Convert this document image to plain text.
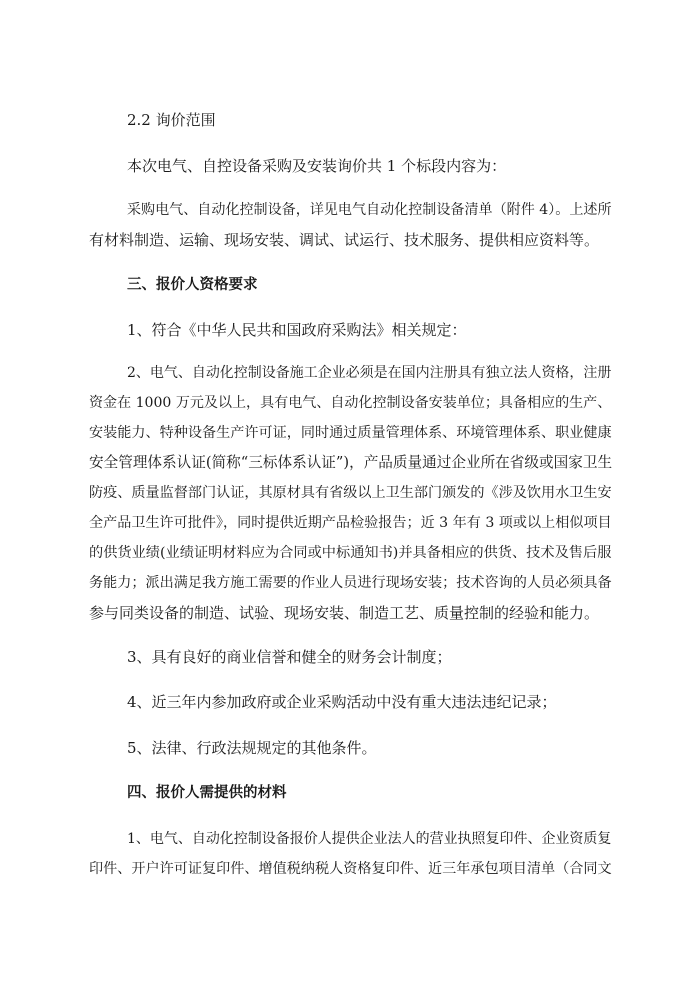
2.2 询价范围
本次电气、自控设备采购及安装询价共 1 个标段内容为：
采购电气、自动化控制设备，详见电气自动化控制设备清单（附件 4）。上述所
有材料制造、运输、现场安装、调试、试运行、技术服务、提供相应资料等。
三、报价人资格要求
1、符合《中华人民共和国政府采购法》相关规定：
2、电气、自动化控制设备施工企业必须是在国内注册具有独立法人资格，注册
资金在 1000 万元及以上，具有电气、自动化控制设备安装单位；具备相应的生产、
安装能力、特种设备生产许可证，同时通过质量管理体系、环境管理体系、职业健康
安全管理体系认证(简称“三标体系认证”)，产品质量通过企业所在省级或国家卫生
防疫、质量监督部门认证，其原材具有省级以上卫生部门颁发的《涉及饮用水卫生安
全产品卫生许可批件》，同时提供近期产品检验报告；近 3 年有 3 项或以上相似项目
的供货业绩(业绩证明材料应为合同或中标通知书)并具备相应的供货、技术及售后服
务能力；派出满足我方施工需要的作业人员进行现场安装；技术咨询的人员必须具备
参与同类设备的制造、试验、现场安装、制造工艺、质量控制的经验和能力。
3、具有良好的商业信誉和健全的财务会计制度；
4、近三年内参加政府或企业采购活动中没有重大违法违纪记录；
5、法律、行政法规规定的其他条件。
四、报价人需提供的材料
1、电气、自动化控制设备报价人提供企业法人的营业执照复印件、企业资质复
印件、开户许可证复印件、增值税纳税人资格复印件、近三年承包项目清单（合同文
